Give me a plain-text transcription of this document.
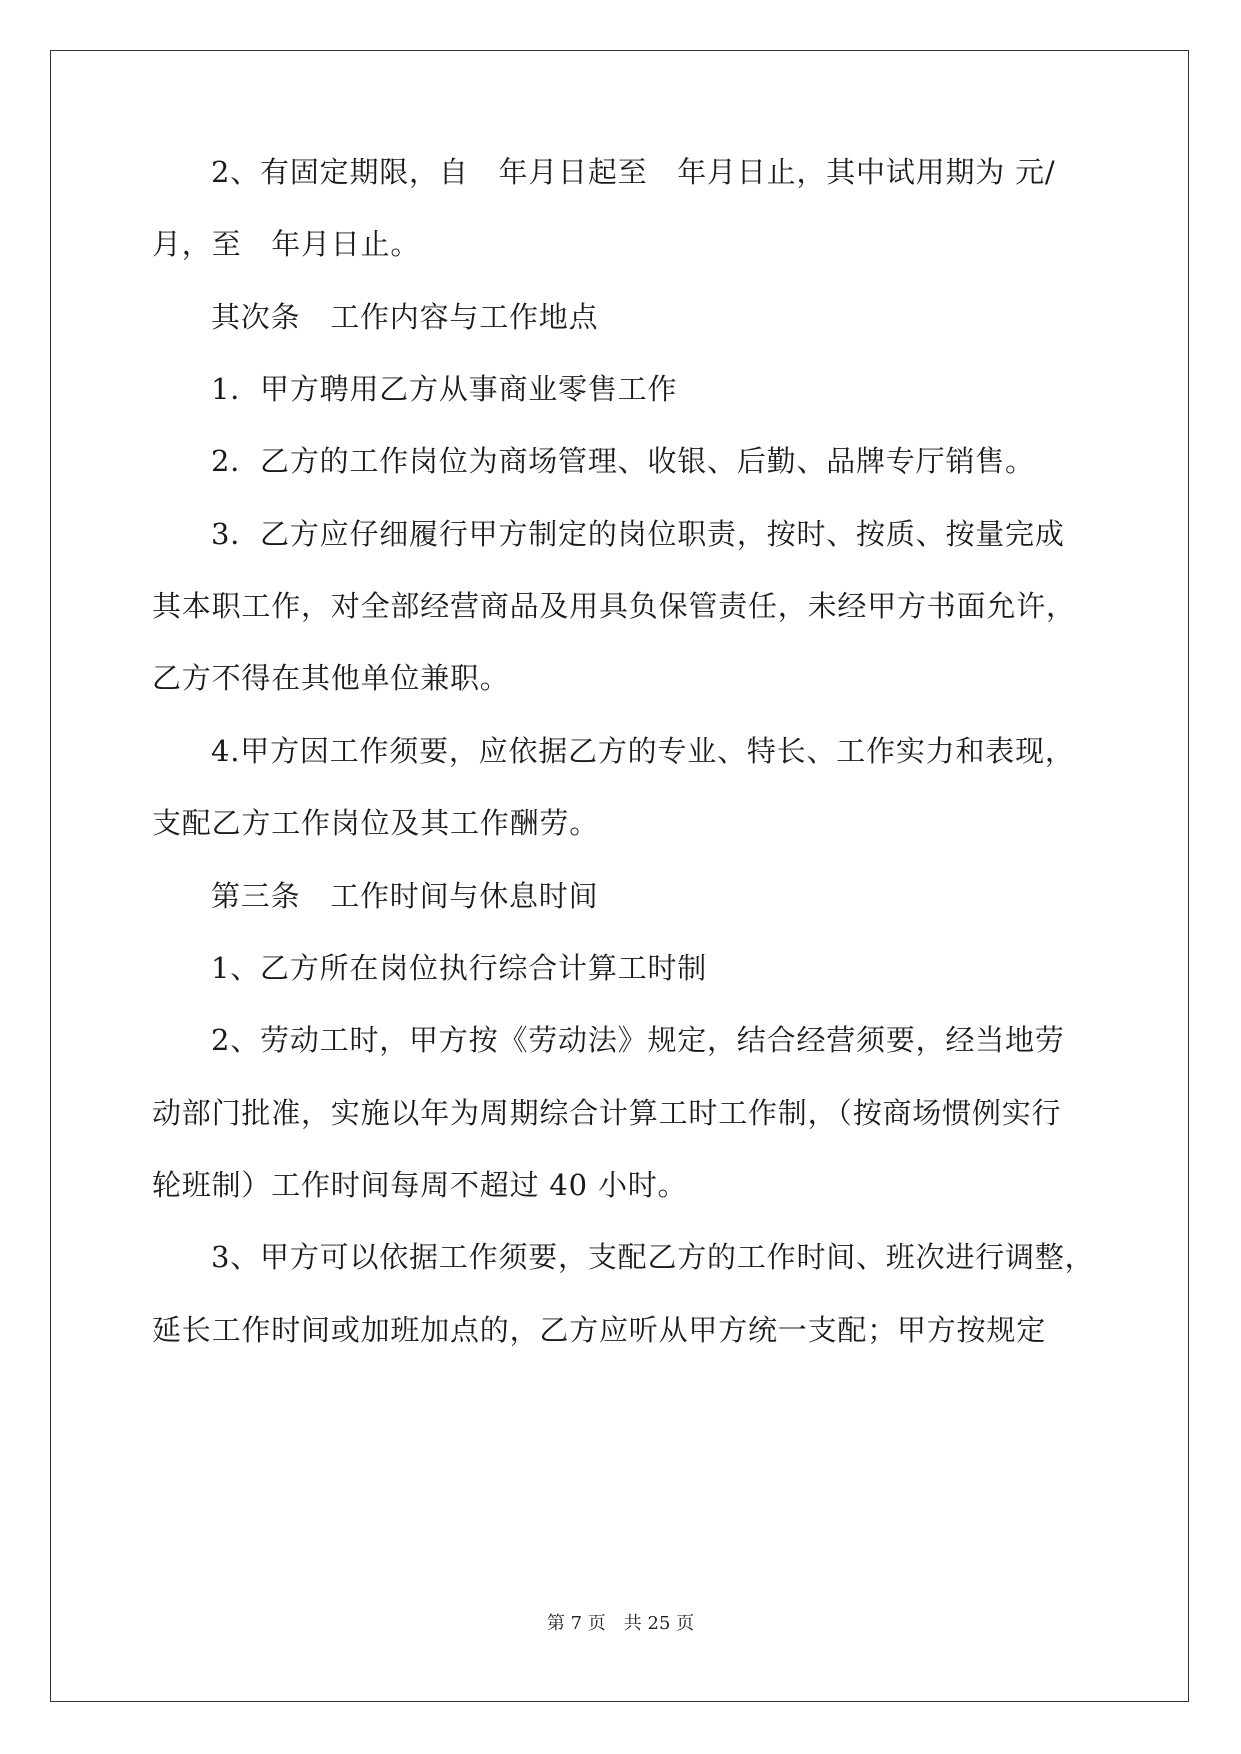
2、有固定期限，自　年月日起至　年月日止，其中试用期为 元/
月，至　年月日止。
其次条　工作内容与工作地点
1．甲方聘用乙方从事商业零售工作
2．乙方的工作岗位为商场管理、收银、后勤、品牌专厅销售。
3．乙方应仔细履行甲方制定的岗位职责，按时、按质、按量完成
其本职工作，对全部经营商品及用具负保管责任，未经甲方书面允许，
乙方不得在其他单位兼职。
4.甲方因工作须要，应依据乙方的专业、特长、工作实力和表现，
支配乙方工作岗位及其工作酬劳。
第三条　工作时间与休息时间
1、乙方所在岗位执行综合计算工时制
2、劳动工时，甲方按《劳动法》规定，结合经营须要，经当地劳
动部门批准，实施以年为周期综合计算工时工作制，（按商场惯例实行
轮班制）工作时间每周不超过 40 小时。
3、甲方可以依据工作须要，支配乙方的工作时间、班次进行调整，
延长工作时间或加班加点的，乙方应听从甲方统一支配；甲方按规定
第 7 页　共 25 页
